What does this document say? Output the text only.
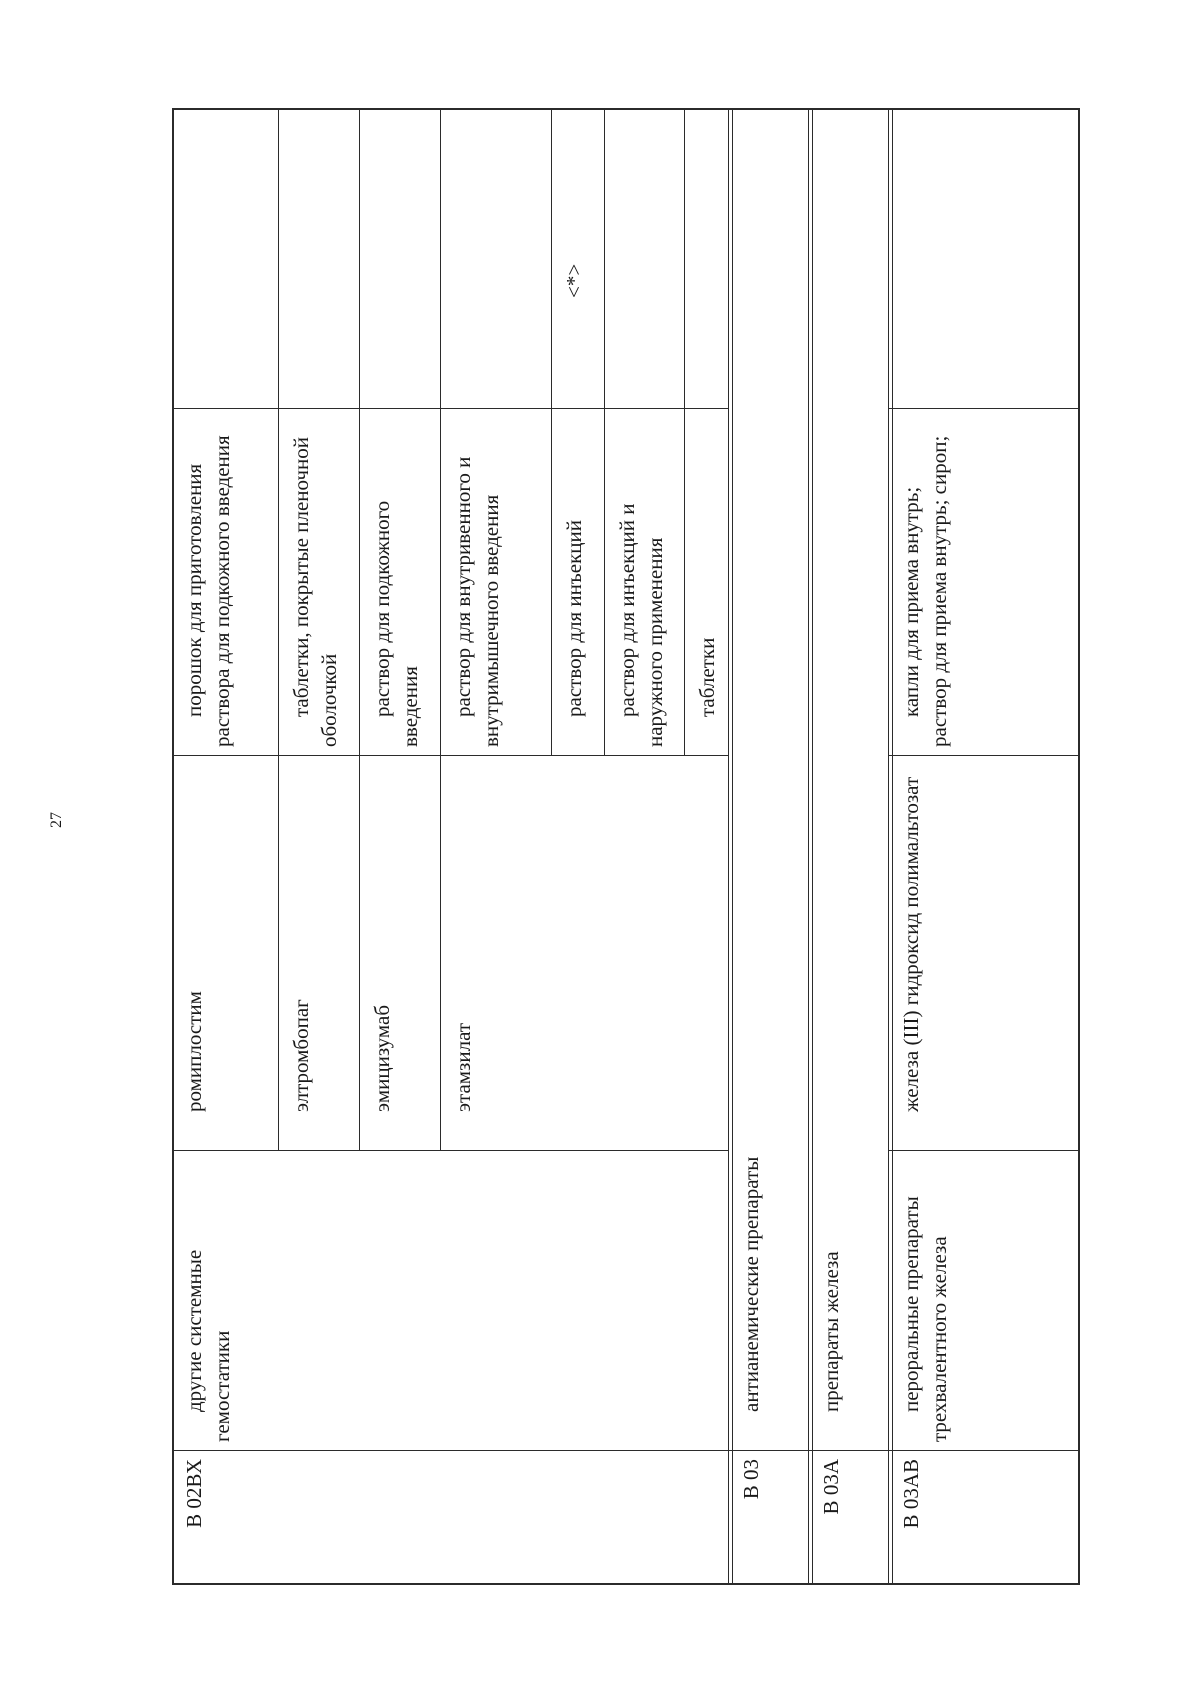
27
В 02ВХ
другие системные гемостатики
ромиплостим
порошок для приготовления раствора для подкожного введения
элтромбопаг
таблетки, покрытые пленочной оболочкой
эмицизумаб
раствор для подкожного введения
этамзилат
раствор для внутривенного и внутримышечного введения	раствор для инъекций
<*>
раствор для инъекций и наружного применения	таблетки
В 03
антианемические препараты
В 03А
препараты железа
В 03АВ
пероральные препараты трехвалентного железа
железа (III) гидроксид полимальтозат
капли для приема внутрь; раствор для приема внутрь; сироп;
